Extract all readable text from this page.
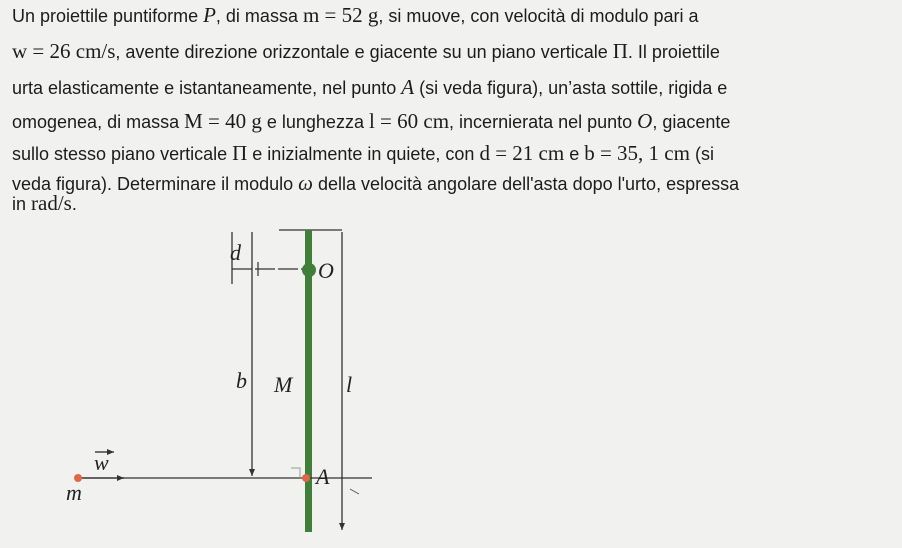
Un proiettile puntiforme P, di massa m = 52 g, si muove, con velocità di modulo pari a
w = 26 cm/s, avente direzione orizzontale e giacente su un piano verticale Π. Il proiettile
urta elasticamente e istantaneamente, nel punto A (si veda figura), un’asta sottile, rigida e
omogenea, di massa M = 40 g e lunghezza l = 60 cm, incernierata nel punto O, giacente
sullo stesso piano verticale Π e inizialmente in quiete, con d = 21 cm e b = 35, 1 cm (si
veda figura). Determinare il modulo ω della velocità angolare dell'asta dopo l'urto, espressa
in rad/s.
d
b
O
M l
A
w
m
